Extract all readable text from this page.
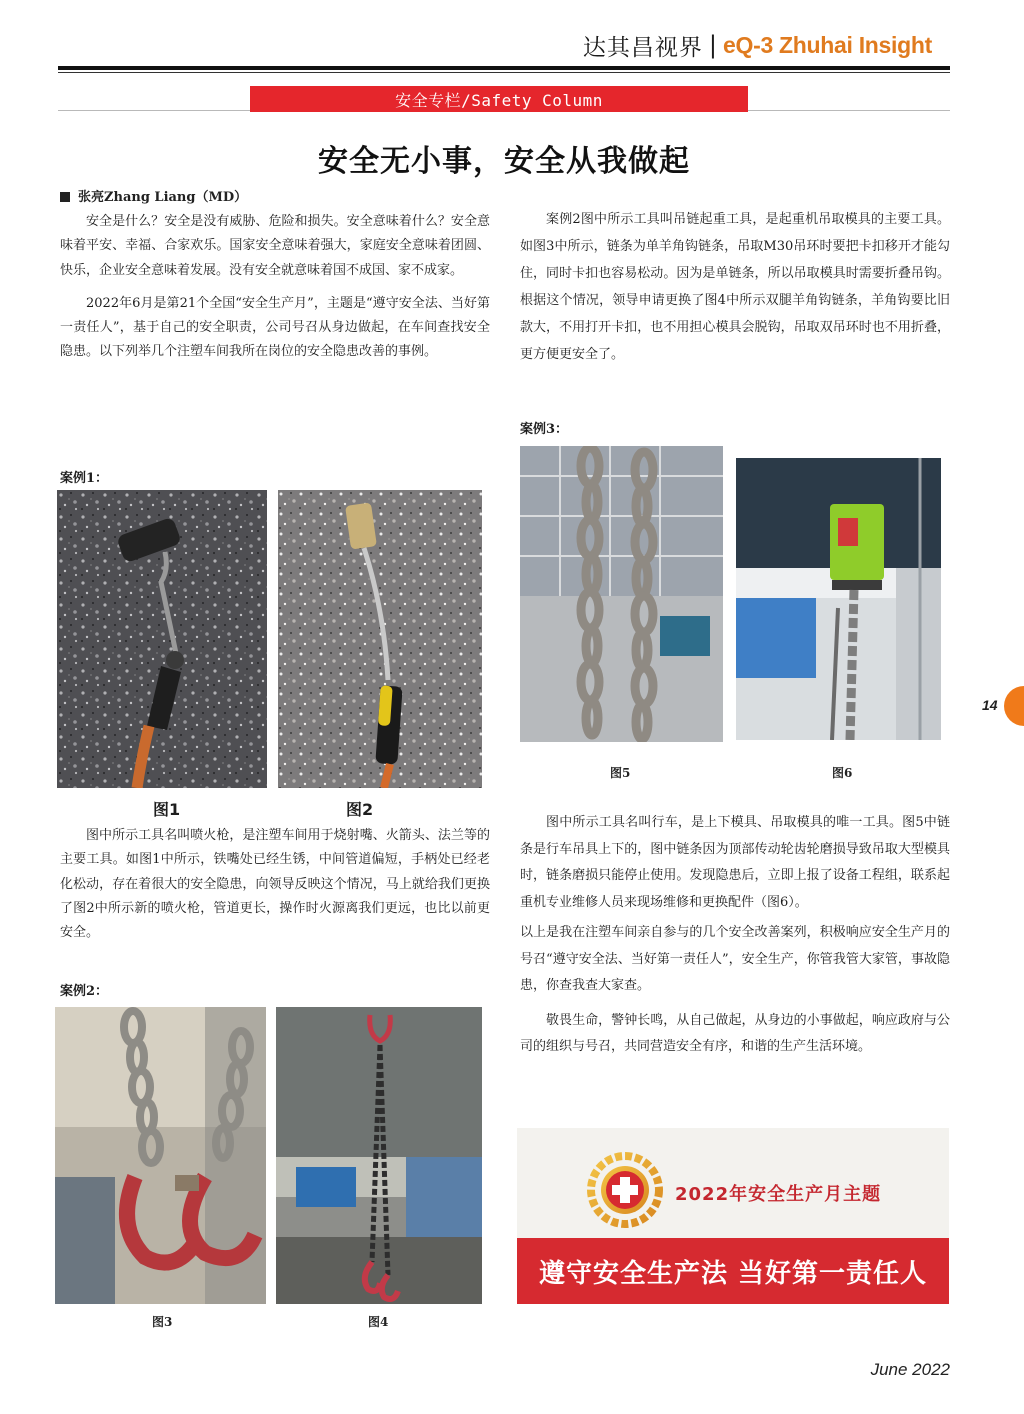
达其昌视界 | eQ-3 Zhuhai Insight
安全专栏/Safety Column
安全无小事，安全从我做起
张亮Zhang Liang（MD）

安全是什么？安全是没有威胁、危险和损失。安全意味着什么？安全意味着平安、幸福、合家欢乐。国家安全意味着强大，家庭安全意味着团圆、快乐，企业安全意味着发展。没有安全就意味着国不成国、家不成家。

2022年6月是第21个全国“安全生产月”，主题是“遵守安全法、当好第一责任人”，基于自己的安全职责，公司号召从身边做起，在车间查找安全隐患。以下列举几个注塑车间我所在岗位的安全隐患改善的事例。

案例1：
图1	图2

图中所示工具名叫喷火枪，是注塑车间用于烧射嘴、火箭头、法兰等的主要工具。如图1中所示，铁嘴处已经生锈，中间管道偏短，手柄处已经老化松动，存在着很大的安全隐患，向领导反映这个情况，马上就给我们更换了图2中所示新的喷火枪，管道更长，操作时火源离我们更远，也比以前更安全。

案例2：
图3	图4

案例2图中所示工具叫吊链起重工具，是起重机吊取模具的主要工具。如图3中所示，链条为单羊角钩链条，吊取M30吊环时要把卡扣移开才能勾住，同时卡扣也容易松动。因为是单链条，所以吊取模具时需要折叠吊钩。根据这个情况，领导申请更换了图4中所示双腿羊角钩链条，羊角钩要比旧款大，不用打开卡扣，也不用担心模具会脱钩，吊取双吊环时也不用折叠，更方便更安全了。

案例3：
图5	图6

图中所示工具名叫行车，是上下模具、吊取模具的唯一工具。图5中链条是行车吊具上下的，图中链条因为顶部传动轮齿轮磨损导致吊取大型模具时，链条磨损只能停止使用。发现隐患后，立即上报了设备工程组，联系起重机专业维修人员来现场维修和更换配件（图6）。

以上是我在注塑车间亲自参与的几个安全改善案列，积极响应安全生产月的号召“遵守安全法、当好第一责任人”，安全生产，你管我管大家管，事故隐患，你查我查大家查。

敬畏生命，警钟长鸣，从自己做起，从身边的小事做起，响应政府与公司的组织与号召，共同营造安全有序，和谐的生产生活环境。

2022年安全生产月主题
遵守安全生产法 当好第一责任人
14
June 2022
